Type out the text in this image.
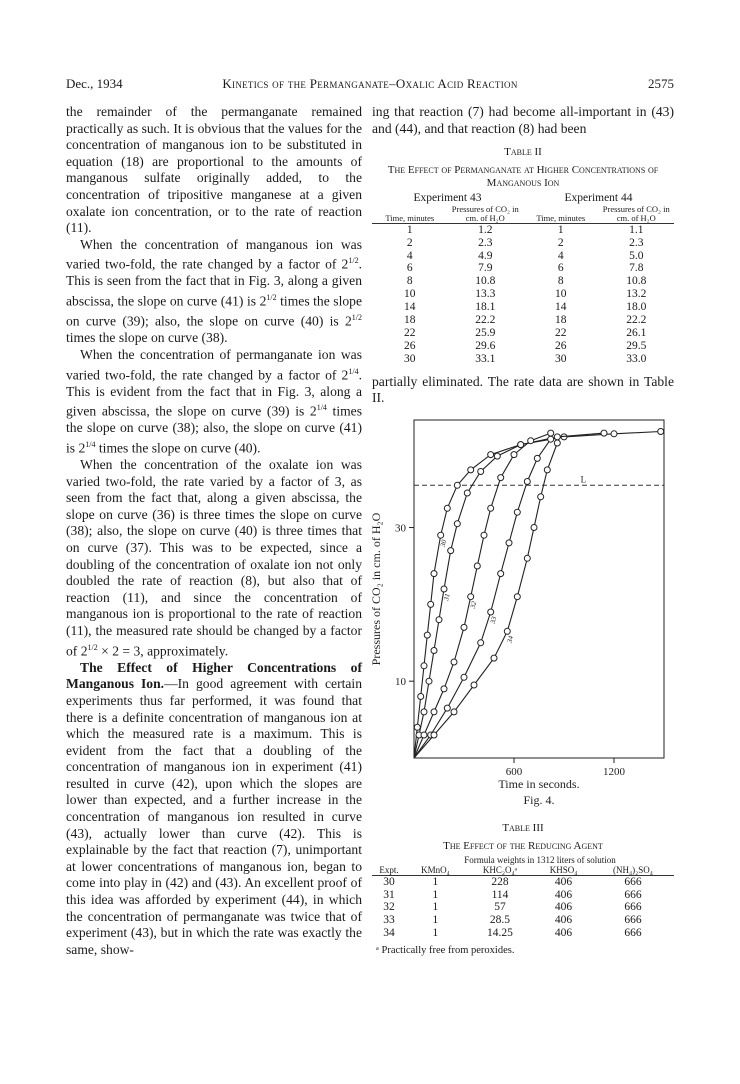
Dec., 1934	Kinetics of the Permanganate–Oxalic Acid Reaction	2575

the remainder of the permanganate remained practically as such. It is obvious that the values for the concentration of manganous ion to be substituted in equation (18) are proportional to the amounts of manganous sulfate originally added, to the concentration of tripositive manganese at a given oxalate ion concentration, or to the rate of reaction (11).

When the concentration of manganous ion was varied two-fold, the rate changed by a factor of $2^{1/2}$. This is seen from the fact that in Fig. 3, along a given abscissa, the slope on curve (41) is $2^{1/2}$ times the slope on curve (39); also, the slope on curve (40) is $2^{1/2}$ times the slope on curve (38).

When the concentration of permanganate ion was varied two-fold, the rate changed by a factor of $2^{1/4}$. This is evident from the fact that in Fig. 3, along a given abscissa, the slope on curve (39) is $2^{1/4}$ times the slope on curve (38); also, the slope on curve (41) is $2^{1/4}$ times the slope on curve (40).

When the concentration of the oxalate ion was varied two-fold, the rate varied by a factor of 3, as seen from the fact that, along a given abscissa, the slope on curve (36) is three times the slope on curve (38); also, the slope on curve (40) is three times that on curve (37). This was to be expected, since a doubling of the concentration of oxalate ion not only doubled the rate of reaction (8), but also that of reaction (11), and since the concentration of manganous ion is proportional to the rate of reaction (11), the measured rate should be changed by a factor of $2^{1/2} \times 2 = 3$, approximately.

The Effect of Higher Concentrations of Manganous Ion.—In good agreement with certain experiments thus far performed, it was found that there is a definite concentration of manganous ion at which the measured rate is a maximum. This is evident from the fact that a doubling of the concentration of manganous ion in experiment (41) resulted in curve (42), upon which the slopes are lower than expected, and a further increase in the concentration of manganous ion resulted in curve (43), actually lower than curve (42). This is explainable by the fact that reaction (7), unimportant at lower concentrations of manganous ion, began to come into play in (42) and (43). An excellent proof of this idea was afforded by experiment (44), in which the concentration of permanganate was twice that of experiment (43), but in which the rate was exactly the same, show-

ing that reaction (7) had become all-important in (43) and (44), and that reaction (8) had been

Table II
The Effect of Permanganate at Higher Concentrations of Manganous Ion
Experiment 43		Experiment 44	
Time, minutes	Pressures of CO₂ in cm. of H₂O	Time, minutes	Pressures of CO₂ in cm. of H₂O
1	1.2	1	1.1
2	2.3	2	2.3
4	4.9	4	5.0
6	7.9	6	7.8
8	10.8	8	10.8
10	13.3	10	13.2
14	18.1	14	18.0
18	22.2	18	22.2
22	25.9	22	26.1
26	29.6	26	29.5
30	33.1	30	33.0

partially eliminated. The rate data are shown in Table II.

10
30
600	1200
L
30
31
32
33
34
Pressures of CO₂ in cm. of H₂O
Time in seconds.
Fig. 4.
Table III
The Effect of the Reducing Agent
	Formula weights in 1312 liters of solution			
Expt.	KMnO₄	KHC₂O₄ᵃ	KHSO₄	(NH₄)₂SO₄
30	1	228	406	666
31	1	114	406	666
32	1	57	406	666
33	1	28.5	406	666
34	1	14.25	406	666
ᵃ Practically free from peroxides.
